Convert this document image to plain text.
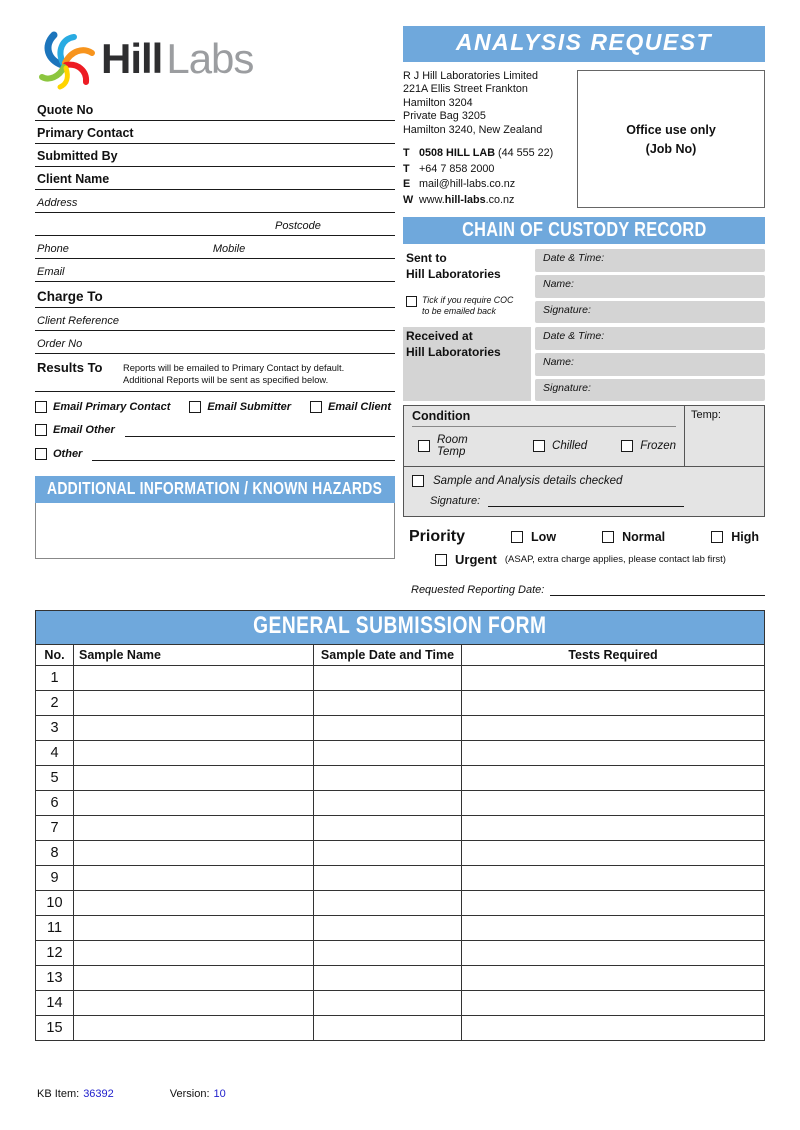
HillLabs
Quote No
Primary Contact
Submitted By
Client Name
Address
Postcode
Phone	Mobile
Email
Charge To
Client Reference
Order No
Results To	Reports will be emailed to Primary Contact by default.
Additional Reports will be sent as specified below.
Email Primary Contact	Email Submitter	Email Client
Email Other
Other
ADDITIONAL INFORMATION / KNOWN HAZARDS
ANALYSIS REQUEST
R J Hill Laboratories Limited
221A Ellis Street Frankton
Hamilton 3204
Private Bag 3205
Hamilton 3240, New Zealand
T 0508 HILL LAB (44 555 22)
T +64 7 858 2000
E mail@hill-labs.co.nz
W www.hill-labs.co.nz
Office use only
(Job No)
CHAIN OF CUSTODY RECORD
Sent to
Hill Laboratories
Tick if you require COC
to be emailed back
Date & Time:
Name:
Signature:
Received at
Hill Laboratories
Date & Time:
Name:
Signature:
Condition
Room Temp	Chilled	Frozen
Temp:
Sample and Analysis details checked
Signature:
Priority	Low	Normal	High
Urgent (ASAP, extra charge applies, please contact lab first)
Requested Reporting Date:
GENERAL SUBMISSION FORM
No.	Sample Name	Sample Date and Time	Tests Required
1			
2			
3			
4			
5			
6			
7			
8			
9			
10			
11			
12			
13			
14			
15			
KB Item: 36392	Version: 10
